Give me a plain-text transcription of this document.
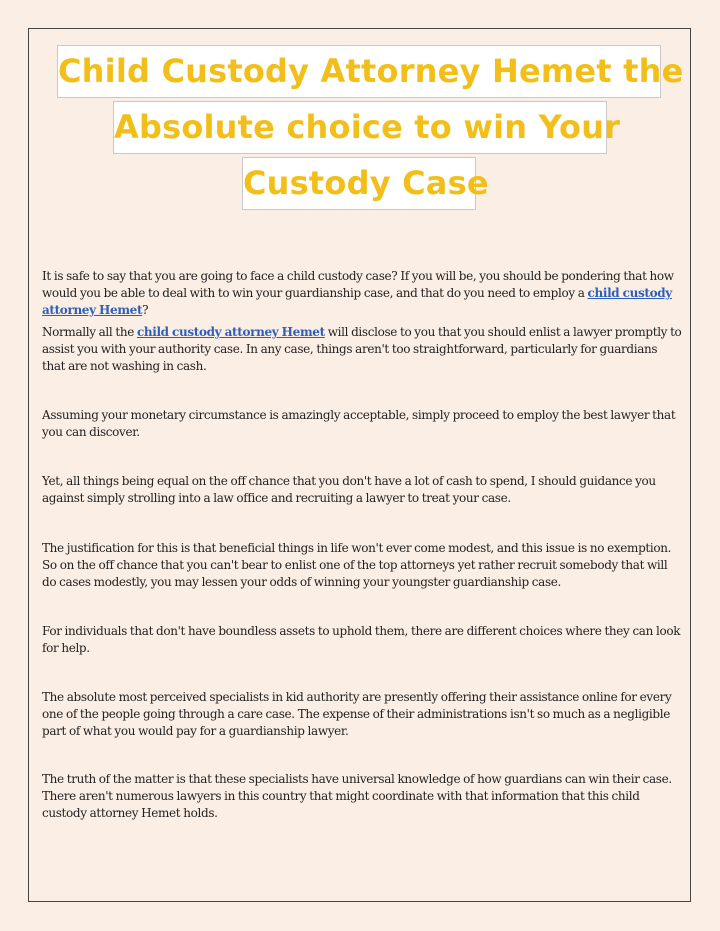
Child Custody Attorney Hemet the
Absolute choice to win Your
Custody Case

It is safe to say that you are going to face a child custody case? If you will be, you should be pondering that how would you be able to deal with to win your guardianship case, and that do you need to employ a child custody attorney Hemet?

Normally all the child custody attorney Hemet will disclose to you that you should enlist a lawyer promptly to assist you with your authority case. In any case, things aren't too straightforward, particularly for guardians that are not washing in cash.

Assuming your monetary circumstance is amazingly acceptable, simply proceed to employ the best lawyer that you can discover.

Yet, all things being equal on the off chance that you don't have a lot of cash to spend, I should guidance you against simply strolling into a law office and recruiting a lawyer to treat your case.

The justification for this is that beneficial things in life won't ever come modest, and this issue is no exemption. So on the off chance that you can't bear to enlist one of the top attorneys yet rather recruit somebody that will do cases modestly, you may lessen your odds of winning your youngster guardianship case.

For individuals that don't have boundless assets to uphold them, there are different choices where they can look for help.

The absolute most perceived specialists in kid authority are presently offering their assistance online for every one of the people going through a care case. The expense of their administrations isn't so much as a negligible part of what you would pay for a guardianship lawyer.

The truth of the matter is that these specialists have universal knowledge of how guardians can win their case. There aren't numerous lawyers in this country that might coordinate with that information that this child custody attorney Hemet holds.
